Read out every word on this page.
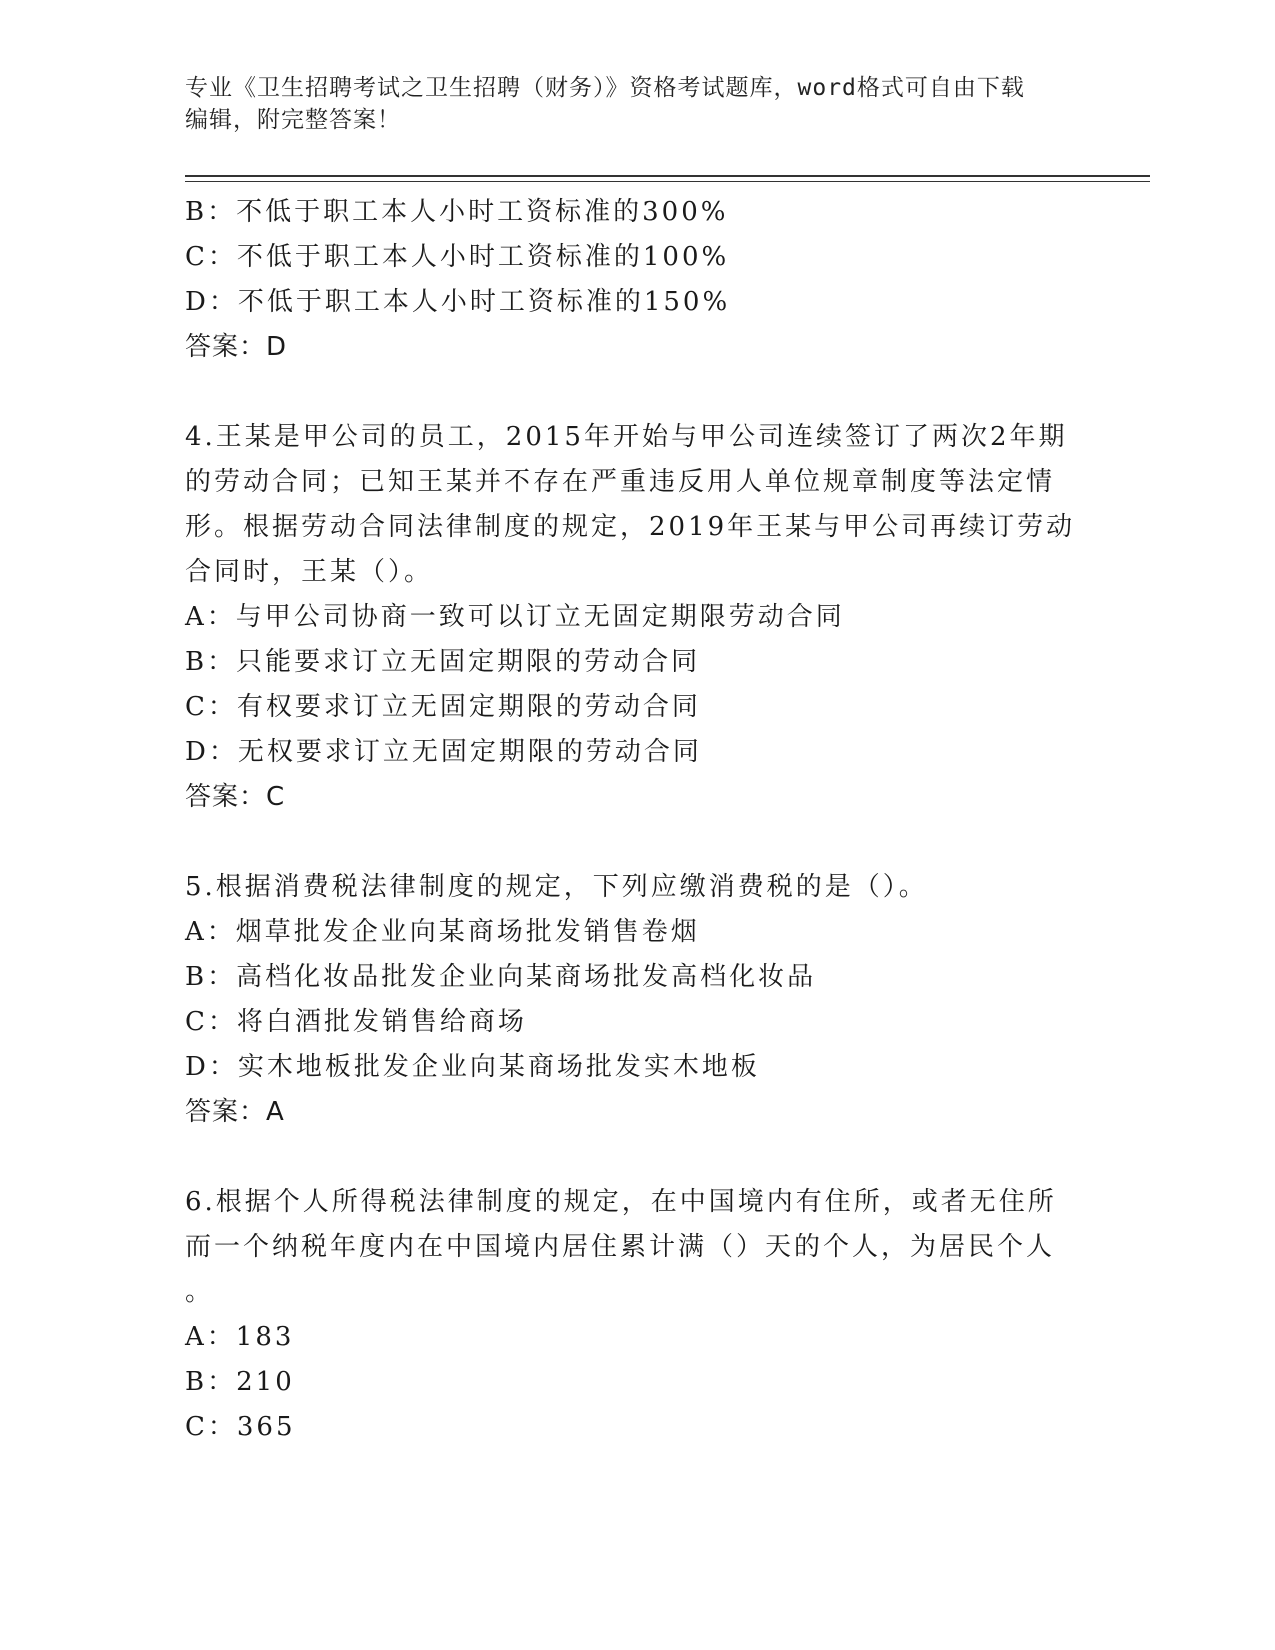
专业《卫生招聘考试之卫生招聘（财务）》资格考试题库，word格式可自由下载
编辑，附完整答案！
B：不低于职工本人小时工资标准的300%
C：不低于职工本人小时工资标准的100%
D：不低于职工本人小时工资标准的150%
答案：D
4.王某是甲公司的员工，2015年开始与甲公司连续签订了两次2年期
的劳动合同；已知王某并不存在严重违反用人单位规章制度等法定情
形。根据劳动合同法律制度的规定，2019年王某与甲公司再续订劳动
合同时，王某（）。
A：与甲公司协商一致可以订立无固定期限劳动合同
B：只能要求订立无固定期限的劳动合同
C：有权要求订立无固定期限的劳动合同
D：无权要求订立无固定期限的劳动合同
答案：C
5.根据消费税法律制度的规定，下列应缴消费税的是（）。
A：烟草批发企业向某商场批发销售卷烟
B：高档化妆品批发企业向某商场批发高档化妆品
C：将白酒批发销售给商场
D：实木地板批发企业向某商场批发实木地板
答案：A
6.根据个人所得税法律制度的规定，在中国境内有住所，或者无住所
而一个纳税年度内在中国境内居住累计满（）天的个人，为居民个人
。
A：183
B：210
C：365
